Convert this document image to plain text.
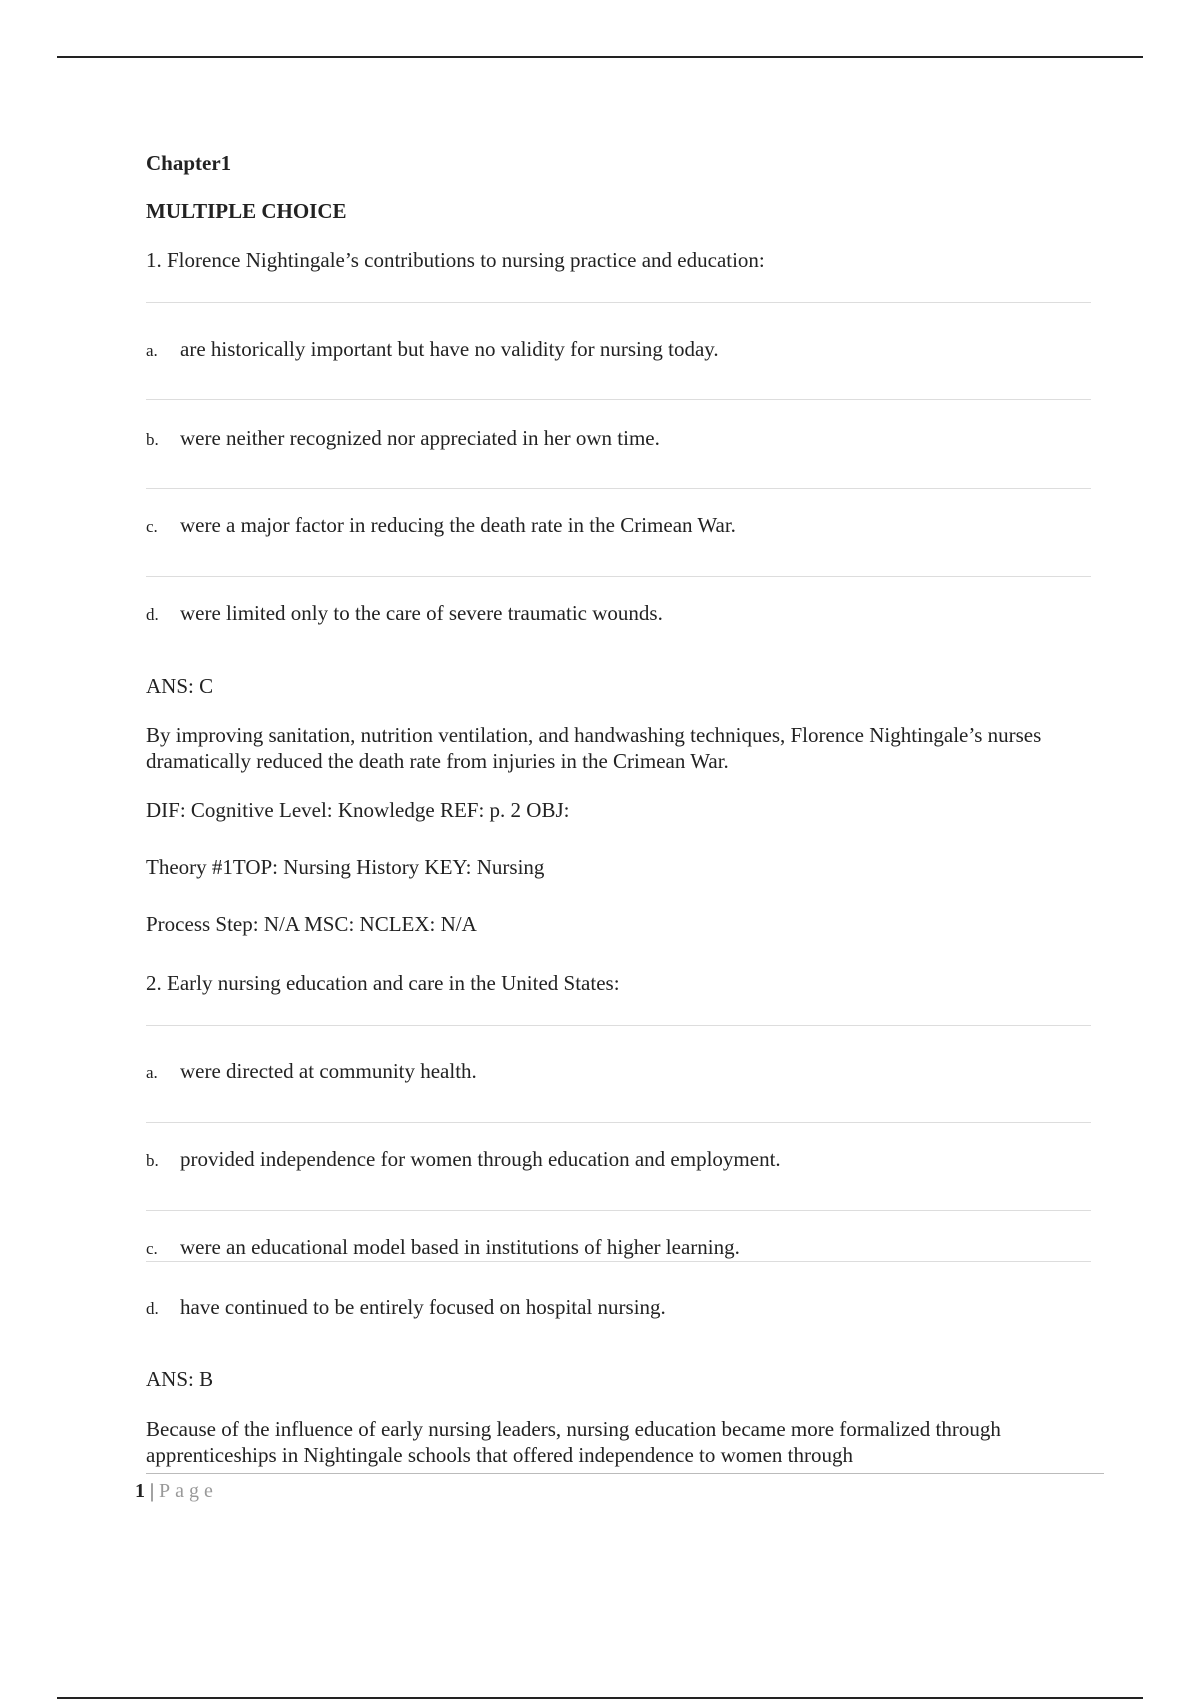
Chapter1
MULTIPLE CHOICE
1. Florence Nightingale’s contributions to nursing practice and education:
a. are historically important but have no validity for nursing today.
b. were neither recognized nor appreciated in her own time.
c. were a major factor in reducing the death rate in the Crimean War.
d. were limited only to the care of severe traumatic wounds.
ANS: C
By improving sanitation, nutrition ventilation, and handwashing techniques, Florence Nightingale’s nurses dramatically reduced the death rate from injuries in the Crimean War.
DIF: Cognitive Level: Knowledge REF: p. 2 OBJ:
Theory #1TOP: Nursing History KEY: Nursing
Process Step: N/A MSC: NCLEX: N/A
2. Early nursing education and care in the United States:
a. were directed at community health.
b. provided independence for women through education and employment.
c. were an educational model based in institutions of higher learning.
d. have continued to be entirely focused on hospital nursing.
ANS: B
Because of the influence of early nursing leaders, nursing education became more formalized through apprenticeships in Nightingale schools that offered independence to women through
1 | Page
